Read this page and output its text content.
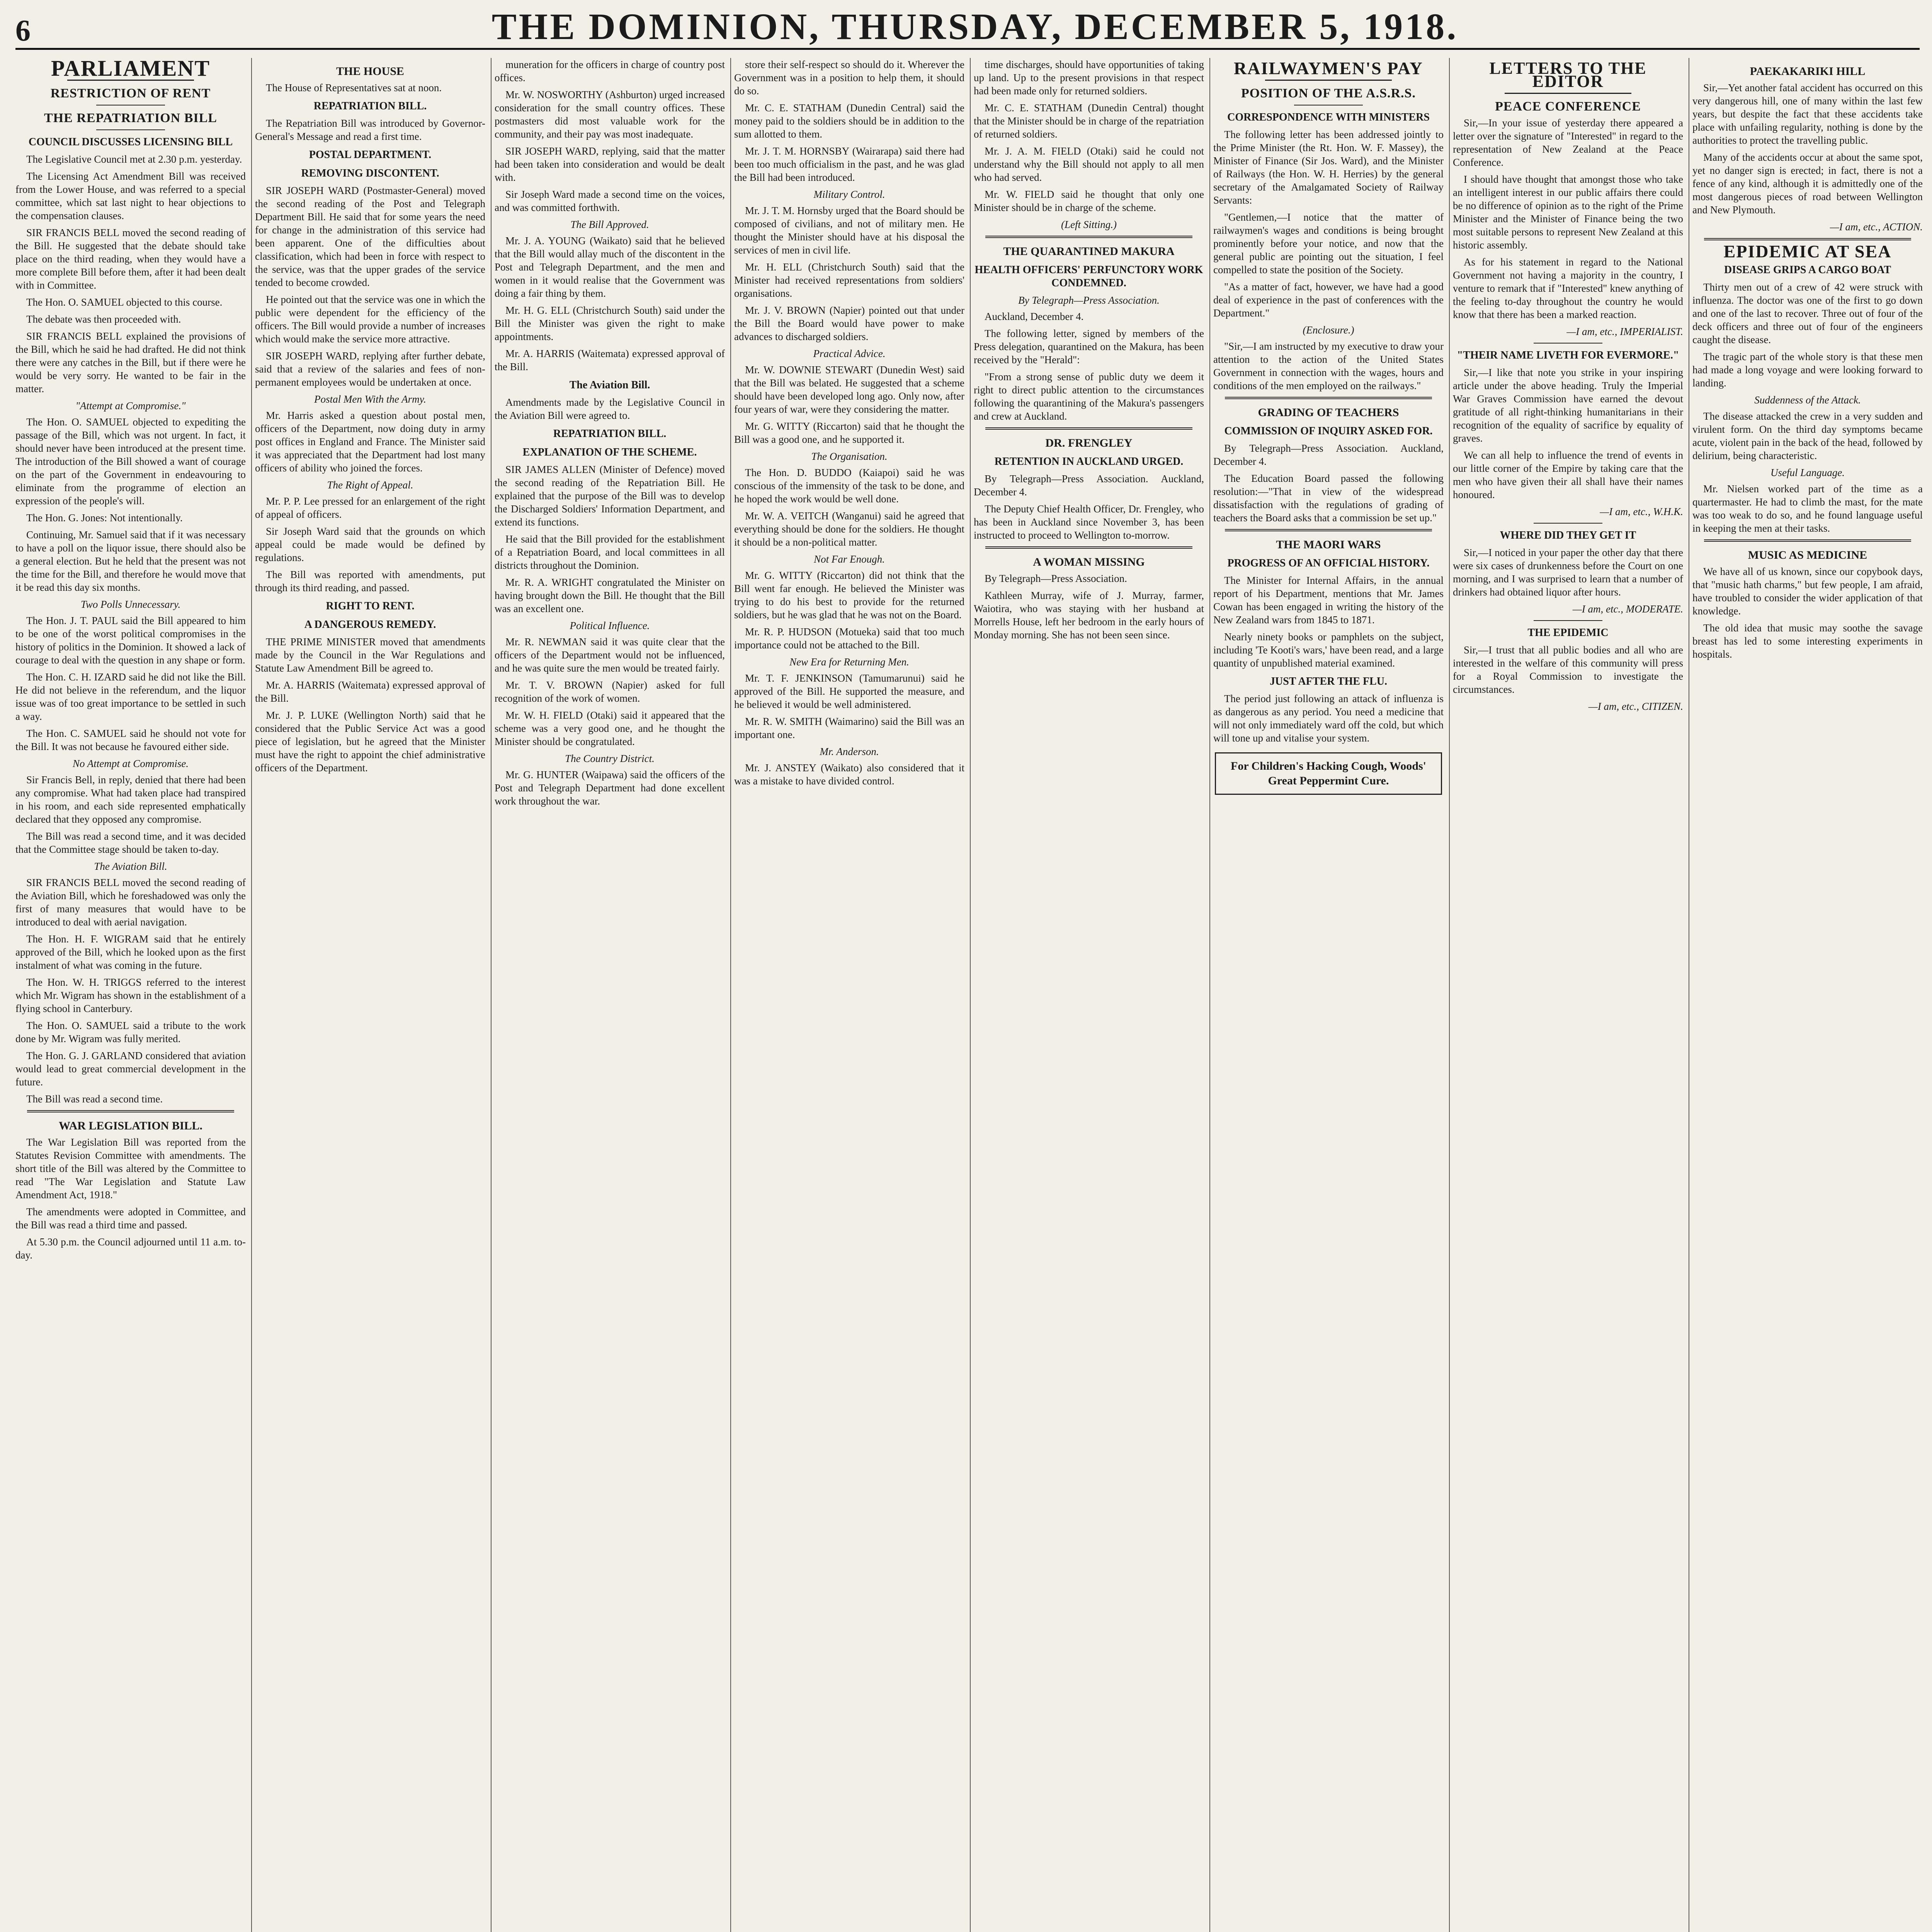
6	THE DOMINION, THURSDAY, DECEMBER 5, 1918.
PARLIAMENT
RESTRICTION OF RENT
THE REPATRIATION BILL
COUNCIL DISCUSSES LICENSING BILL

The Legislative Council met at 2.30 p.m. yesterday.

The Licensing Act Amendment Bill was received from the Lower House, and was referred to a special committee, which sat last night to hear objections to the compensation clauses.

SIR FRANCIS BELL moved the second reading of the Bill. He suggested that the debate should take place on the third reading, when they would have a more complete Bill before them, after it had been dealt with in Committee.

The Hon. O. SAMUEL objected to this course.

The debate was then proceeded with.

SIR FRANCIS BELL explained the provisions of the Bill, which he said he had drafted. He did not think there were any catches in the Bill, but if there were he would be very sorry. He wanted to be fair in the matter.

"Attempt at Compromise."

The Hon. O. SAMUEL objected to expediting the passage of the Bill, which was not urgent. In fact, it should never have been introduced at the present time. The introduction of the Bill showed a want of courage on the part of the Government in endeavouring to eliminate from the programme of election an expression of the people's will.

The Hon. G. Jones: Not intentionally.

Continuing, Mr. Samuel said that if it was necessary to have a poll on the liquor issue, there should also be a general election. But he held that the present was not the time for the Bill, and therefore he would move that it be read this day six months.

Two Polls Unnecessary.

The Hon. J. T. PAUL said the Bill appeared to him to be one of the worst political compromises in the history of politics in the Dominion. It showed a lack of courage to deal with the question in any shape or form.

The Hon. C. H. IZARD said he did not like the Bill. He did not believe in the referendum, and the liquor issue was of too great importance to be settled in such a way.

The Hon. C. SAMUEL said he should not vote for the Bill. It was not because he favoured either side.

No Attempt at Compromise.

Sir Francis Bell, in reply, denied that there had been any compromise. What had taken place had transpired in his room, and each side represented emphatically declared that they opposed any compromise.

The Bill was read a second time, and it was decided that the Committee stage should be taken to-day.

The Aviation Bill.

SIR FRANCIS BELL moved the second reading of the Aviation Bill, which he foreshadowed was only the first of many measures that would have to be introduced to deal with aerial navigation.

The Hon. H. F. WIGRAM said that he entirely approved of the Bill, which he looked upon as the first instalment of what was coming in the future.

The Hon. W. H. TRIGGS referred to the interest which Mr. Wigram has shown in the establishment of a flying school in Canterbury.

The Hon. O. SAMUEL said a tribute to the work done by Mr. Wigram was fully merited.

The Hon. G. J. GARLAND considered that aviation would lead to great commercial development in the future.

The Bill was read a second time.

WAR LEGISLATION BILL.

The War Legislation Bill was reported from the Statutes Revision Committee with amendments. The short title of the Bill was altered by the Committee to read "The War Legislation and Statute Law Amendment Act, 1918."

The amendments were adopted in Committee, and the Bill was read a third time and passed.

At 5.30 p.m. the Council adjourned until 11 a.m. to-day.

THE HOUSE

The House of Representatives sat at noon.

REPATRIATION BILL.

The Repatriation Bill was introduced by Governor-General's Message and read a first time.

POSTAL DEPARTMENT.
REMOVING DISCONTENT.

SIR JOSEPH WARD (Postmaster-General) moved the second reading of the Post and Telegraph Department Bill. He said that for some years the need for change in the administration of this service had been apparent. One of the difficulties about classification, which had been in force with respect to the service, was that the upper grades of the service tended to become crowded.

He pointed out that the service was one in which the public were dependent for the efficiency of the officers. The Bill would provide a number of increases which would make the service more attractive.

SIR JOSEPH WARD, replying after further debate, said that a review of the salaries and fees of non-permanent employees would be undertaken at once.

Postal Men With the Army.

Mr. Harris asked a question about postal men, officers of the Department, now doing duty in army post offices in England and France. The Minister said it was appreciated that the Department had lost many officers of ability who joined the forces.

The Right of Appeal.

Mr. P. P. Lee pressed for an enlargement of the right of appeal of officers.

Sir Joseph Ward said that the grounds on which appeal could be made would be defined by regulations.

The Bill was reported with amendments, put through its third reading, and passed.

RIGHT TO RENT.
A DANGEROUS REMEDY.

THE PRIME MINISTER moved that amendments made by the Council in the War Regulations and Statute Law Amendment Bill be agreed to.

Mr. A. HARRIS (Waitemata) expressed approval of the Bill.

Mr. J. P. LUKE (Wellington North) said that he considered that the Public Service Act was a good piece of legislation, but he agreed that the Minister must have the right to appoint the chief administrative officers of the Department.

muneration for the officers in charge of country post offices.

Mr. W. NOSWORTHY (Ashburton) urged increased consideration for the small country offices. These postmasters did most valuable work for the community, and their pay was most inadequate.

SIR JOSEPH WARD, replying, said that the matter had been taken into consideration and would be dealt with.

Sir Joseph Ward made a second time on the voices, and was committed forthwith.

The Bill Approved.

Mr. J. A. YOUNG (Waikato) said that he believed that the Bill would allay much of the discontent in the Post and Telegraph Department, and the men and women in it would realise that the Government was doing a fair thing by them.

Mr. H. G. ELL (Christchurch South) said under the Bill the Minister was given the right to make appointments.

Mr. A. HARRIS (Waitemata) expressed approval of the Bill.

The Aviation Bill.

Amendments made by the Legislative Council in the Aviation Bill were agreed to.

REPATRIATION BILL.
EXPLANATION OF THE SCHEME.

SIR JAMES ALLEN (Minister of Defence) moved the second reading of the Repatriation Bill. He explained that the purpose of the Bill was to develop the Discharged Soldiers' Information Department, and extend its functions.

He said that the Bill provided for the establishment of a Repatriation Board, and local committees in all districts throughout the Dominion.

Mr. R. A. WRIGHT congratulated the Minister on having brought down the Bill. He thought that the Bill was an excellent one.

Political Influence.

Mr. R. NEWMAN said it was quite clear that the officers of the Department would not be influenced, and he was quite sure the men would be treated fairly.

Mr. T. V. BROWN (Napier) asked for full recognition of the work of women.

Mr. W. H. FIELD (Otaki) said it appeared that the scheme was a very good one, and he thought the Minister should be congratulated.

The Country District.

Mr. G. HUNTER (Waipawa) said the officers of the Post and Telegraph Department had done excellent work throughout the war.

store their self-respect so should do it. Wherever the Government was in a position to help them, it should do so.

Mr. C. E. STATHAM (Dunedin Central) said the money paid to the soldiers should be in addition to the sum allotted to them.

Mr. J. T. M. HORNSBY (Wairarapa) said there had been too much officialism in the past, and he was glad the Bill had been introduced.

Military Control.

Mr. J. T. M. Hornsby urged that the Board should be composed of civilians, and not of military men. He thought the Minister should have at his disposal the services of men in civil life.

Mr. H. ELL (Christchurch South) said that the Minister had received representations from soldiers' organisations.

Mr. J. V. BROWN (Napier) pointed out that under the Bill the Board would have power to make advances to discharged soldiers.

Practical Advice.

Mr. W. DOWNIE STEWART (Dunedin West) said that the Bill was belated. He suggested that a scheme should have been developed long ago. Only now, after four years of war, were they considering the matter.

Mr. G. WITTY (Riccarton) said that he thought the Bill was a good one, and he supported it.

The Organisation.

The Hon. D. BUDDO (Kaiapoi) said he was conscious of the immensity of the task to be done, and he hoped the work would be well done.

Mr. W. A. VEITCH (Wanganui) said he agreed that everything should be done for the soldiers. He thought it should be a non-political matter.

Not Far Enough.

Mr. G. WITTY (Riccarton) did not think that the Bill went far enough. He believed the Minister was trying to do his best to provide for the returned soldiers, but he was glad that he was not on the Board.

Mr. R. P. HUDSON (Motueka) said that too much importance could not be attached to the Bill.

New Era for Returning Men.

Mr. T. F. JENKINSON (Tamumarunui) said he approved of the Bill. He supported the measure, and he believed it would be well administered.

Mr. R. W. SMITH (Waimarino) said the Bill was an important one.

Mr. Anderson.

Mr. J. ANSTEY (Waikato) also considered that it was a mistake to have divided control.

time discharges, should have opportunities of taking up land. Up to the present provisions in that respect had been made only for returned soldiers.

Mr. C. E. STATHAM (Dunedin Central) thought that the Minister should be in charge of the repatriation of returned soldiers.

Mr. J. A. M. FIELD (Otaki) said he could not understand why the Bill should not apply to all men who had served.

Mr. W. FIELD said he thought that only one Minister should be in charge of the scheme.

(Left Sitting.)
THE QUARANTINED MAKURA
HEALTH OFFICERS' PERFUNCTORY WORK CONDEMNED.
By Telegraph—Press Association.

Auckland, December 4.

The following letter, signed by members of the Press delegation, quarantined on the Makura, has been received by the "Herald":

"From a strong sense of public duty we deem it right to direct public attention to the circumstances following the quarantining of the Makura's passengers and crew at Auckland.

DR. FRENGLEY
RETENTION IN AUCKLAND URGED.

By Telegraph—Press Association. Auckland, December 4.

The Deputy Chief Health Officer, Dr. Frengley, who has been in Auckland since November 3, has been instructed to proceed to Wellington to-morrow.

A WOMAN MISSING

By Telegraph—Press Association.

Kathleen Murray, wife of J. Murray, farmer, Waiotira, who was staying with her husband at Morrells House, left her bedroom in the early hours of Monday morning. She has not been seen since.

RAILWAYMEN'S PAY
POSITION OF THE A.S.R.S.
CORRESPONDENCE WITH MINISTERS

The following letter has been addressed jointly to the Prime Minister (the Rt. Hon. W. F. Massey), the Minister of Finance (Sir Jos. Ward), and the Minister of Railways (the Hon. W. H. Herries) by the general secretary of the Amalgamated Society of Railway Servants:

"Gentlemen,—I notice that the matter of railwaymen's wages and conditions is being brought prominently before your notice, and now that the general public are pointing out the situation, I feel compelled to state the position of the Society.

"As a matter of fact, however, we have had a good deal of experience in the past of conferences with the Department."

(Enclosure.)

"Sir,—I am instructed by my executive to draw your attention to the action of the United States Government in connection with the wages, hours and conditions of the men employed on the railways."

GRADING OF TEACHERS
COMMISSION OF INQUIRY ASKED FOR.

By Telegraph—Press Association. Auckland, December 4.

The Education Board passed the following resolution:—"That in view of the widespread dissatisfaction with the regulations of grading of teachers the Board asks that a commission be set up."

THE MAORI WARS
PROGRESS OF AN OFFICIAL HISTORY.

The Minister for Internal Affairs, in the annual report of his Department, mentions that Mr. James Cowan has been engaged in writing the history of the New Zealand wars from 1845 to 1871.

Nearly ninety books or pamphlets on the subject, including 'Te Kooti's wars,' have been read, and a large quantity of unpublished material examined.

JUST AFTER THE FLU.

The period just following an attack of influenza is as dangerous as any period. You need a medicine that will not only immediately ward off the cold, but which will tone up and vitalise your system.

For Children's Hacking Cough, Woods' Great Peppermint Cure.
LETTERS TO THE EDITOR
PEACE CONFERENCE

Sir,—In your issue of yesterday there appeared a letter over the signature of "Interested" in regard to the representation of New Zealand at the Peace Conference.

I should have thought that amongst those who take an intelligent interest in our public affairs there could be no difference of opinion as to the right of the Prime Minister and the Minister of Finance being the two most suitable persons to represent New Zealand at this historic assembly.

As for his statement in regard to the National Government not having a majority in the country, I venture to remark that if "Interested" knew anything of the feeling to-day throughout the country he would know that there has been a marked reaction.

—I am, etc., IMPERIALIST.
"THEIR NAME LIVETH FOR EVERMORE."

Sir,—I like that note you strike in your inspiring article under the above heading. Truly the Imperial War Graves Commission have earned the devout gratitude of all right-thinking humanitarians in their recognition of the equality of sacrifice by equality of graves.

We can all help to influence the trend of events in our little corner of the Empire by taking care that the men who have given their all shall have their names honoured.

—I am, etc., W.H.K.
WHERE DID THEY GET IT

Sir,—I noticed in your paper the other day that there were six cases of drunkenness before the Court on one morning, and I was surprised to learn that a number of drinkers had obtained liquor after hours.

—I am, etc., MODERATE.
THE EPIDEMIC

Sir,—I trust that all public bodies and all who are interested in the welfare of this community will press for a Royal Commission to investigate the circumstances.

—I am, etc., CITIZEN.
PAEKAKARIKI HILL

Sir,—Yet another fatal accident has occurred on this very dangerous hill, one of many within the last few years, but despite the fact that these accidents take place with unfailing regularity, nothing is done by the authorities to protect the travelling public.

Many of the accidents occur at about the same spot, yet no danger sign is erected; in fact, there is not a fence of any kind, although it is admittedly one of the most dangerous pieces of road between Wellington and New Plymouth.

—I am, etc., ACTION.
EPIDEMIC AT SEA
DISEASE GRIPS A CARGO BOAT

Thirty men out of a crew of 42 were struck with influenza. The doctor was one of the first to go down and one of the last to recover. Three out of four of the deck officers and three out of four of the engineers caught the disease.

The tragic part of the whole story is that these men had made a long voyage and were looking forward to landing.

Suddenness of the Attack.

The disease attacked the crew in a very sudden and virulent form. On the third day symptoms became acute, violent pain in the back of the head, followed by delirium, being characteristic.

Useful Language.

Mr. Nielsen worked part of the time as a quartermaster. He had to climb the mast, for the mate was too weak to do so, and he found language useful in keeping the men at their tasks.

MUSIC AS MEDICINE

We have all of us known, since our copybook days, that "music hath charms," but few people, I am afraid, have troubled to consider the wider application of that knowledge.

The old idea that music may soothe the savage breast has led to some interesting experiments in hospitals.
